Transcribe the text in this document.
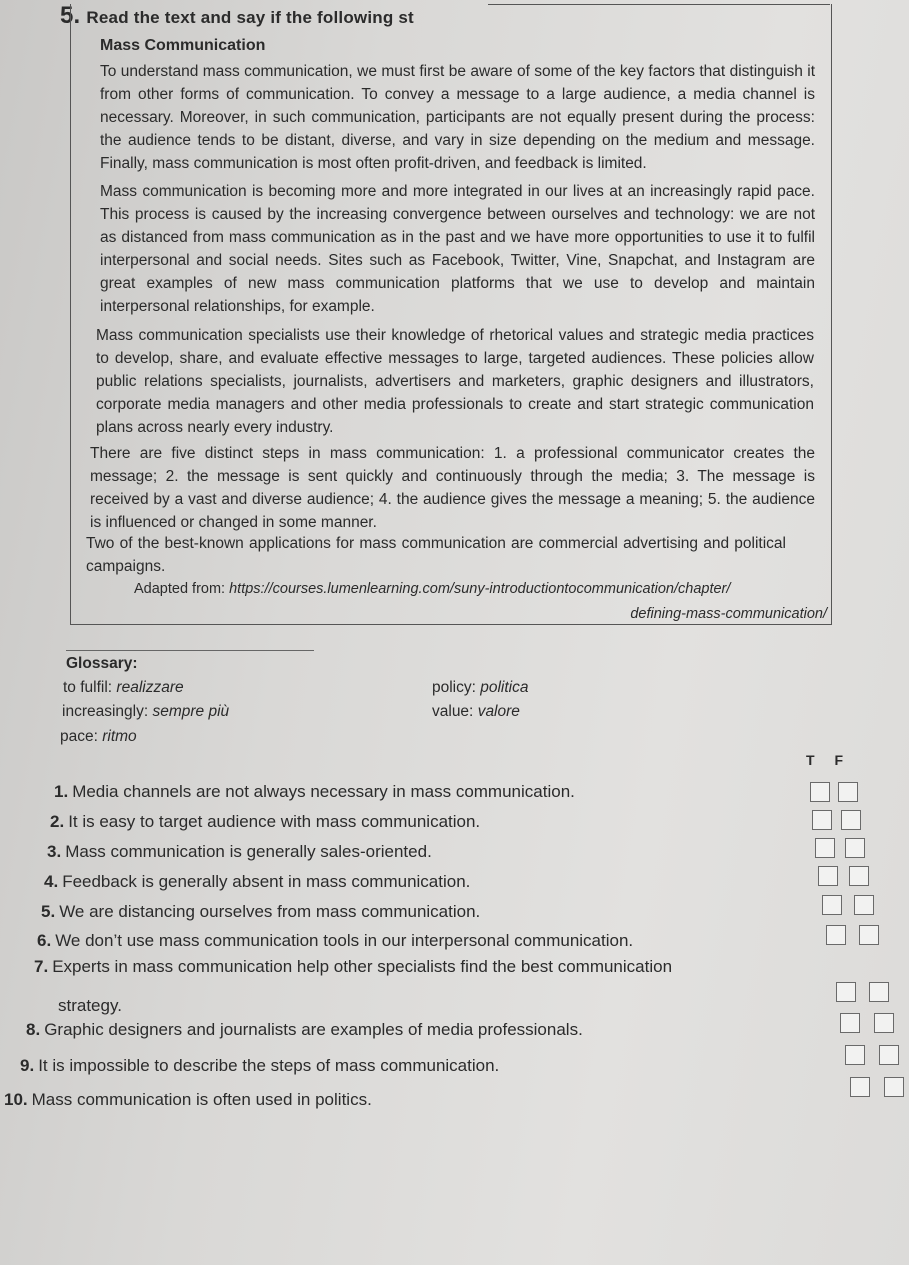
5. Read the text and say if the following st
Mass Communication
To understand mass communication, we must first be aware of some of the key factors that distinguish it from other forms of communication. To convey a message to a large audience, a media channel is necessary. Moreover, in such communication, participants are not equally present during the process: the audience tends to be distant, diverse, and vary in size depending on the medium and message. Finally, mass communication is most often profit-driven, and feedback is limited.
Mass communication is becoming more and more integrated in our lives at an increasingly rapid pace. This process is caused by the increasing convergence between ourselves and technology: we are not as distanced from mass communication as in the past and we have more opportunities to use it to fulfil interpersonal and social needs. Sites such as Facebook, Twitter, Vine, Snapchat, and Instagram are great examples of new mass communication platforms that we use to develop and maintain interpersonal relationships, for example.
Mass communication specialists use their knowledge of rhetorical values and strategic media practices to develop, share, and evaluate effective messages to large, targeted audiences. These policies allow public relations specialists, journalists, advertisers and marketers, graphic designers and illustrators, corporate media managers and other media professionals to create and start strategic communication plans across nearly every industry.
There are five distinct steps in mass communication: 1. a professional communicator creates the message; 2. the message is sent quickly and continuously through the media; 3. The message is received by a vast and diverse audience; 4. the audience gives the message a meaning; 5. the audience is influenced or changed in some manner.
Two of the best-known applications for mass communication are commercial advertising and political campaigns.
Adapted from: https://courses.lumenlearning.com/suny-introductiontocommunication/chapter/
defining-mass-communication/
Glossary:
to fulfil: realizzare	policy: politica
increasingly: sempre più	value: valore
pace: ritmo
T F
1. Media channels are not always necessary in mass communication.
2. It is easy to target audience with mass communication.
3. Mass communication is generally sales-oriented.
4. Feedback is generally absent in mass communication.
5. We are distancing ourselves from mass communication.
6. We don’t use mass communication tools in our interpersonal communication.
7. Experts in mass communication help other specialists find the best communication
strategy.
8. Graphic designers and journalists are examples of media professionals.
9. It is impossible to describe the steps of mass communication.
10. Mass communication is often used in politics.
